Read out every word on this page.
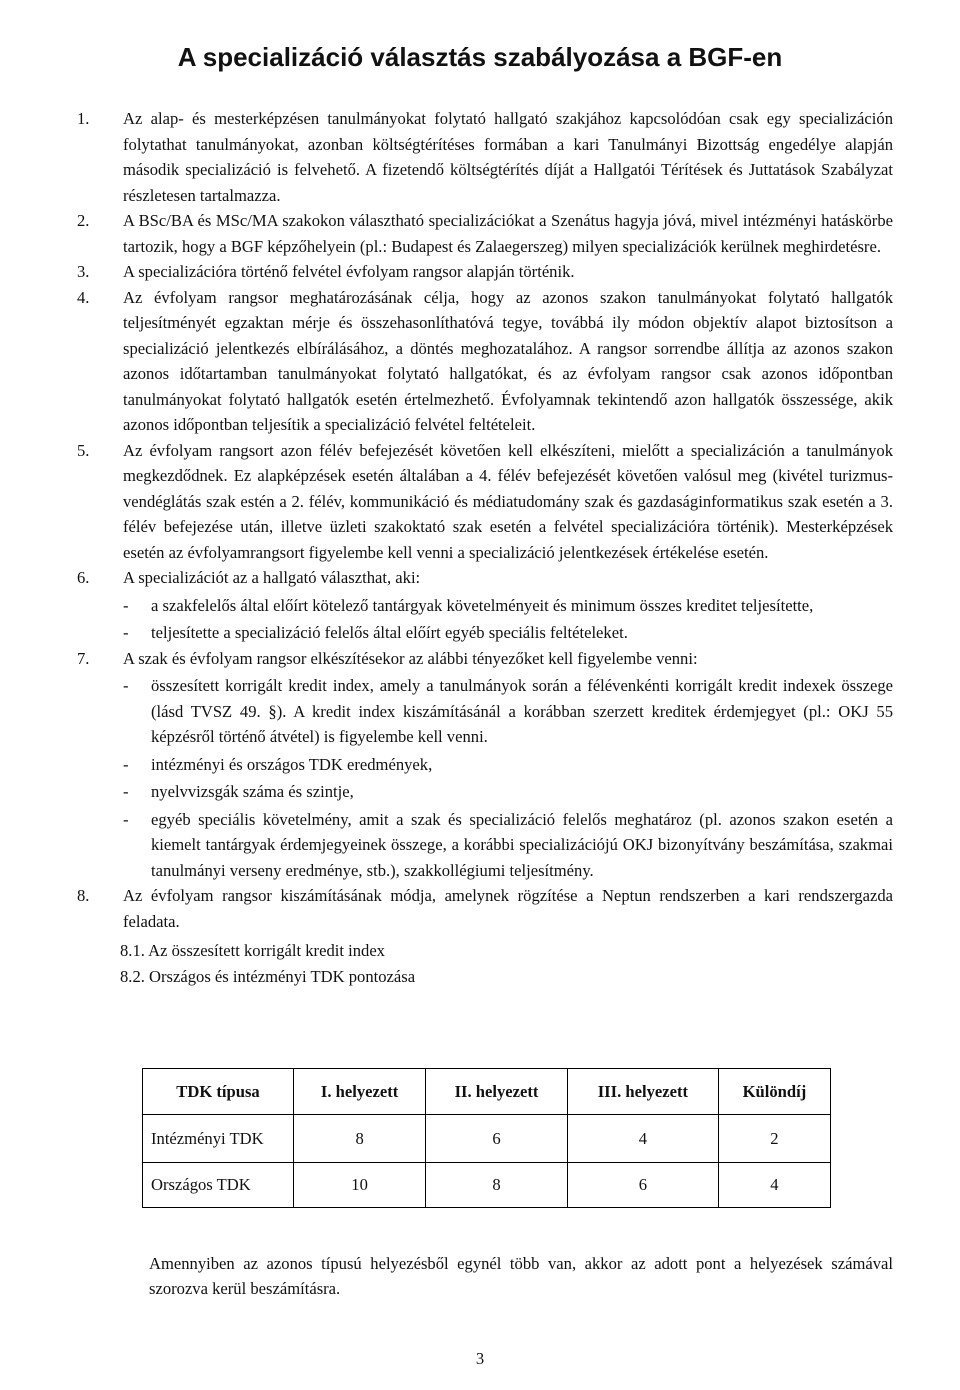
A specializáció választás szabályozása a BGF-en
1. Az alap- és mesterképzésen tanulmányokat folytató hallgató szakjához kapcsolódóan csak egy specializáción folytathat tanulmányokat, azonban költségtérítéses formában a kari Tanulmányi Bizottság engedélye alapján második specializáció is felvehető. A fizetendő költségtérítés díját a Hallgatói Térítések és Juttatások Szabályzat részletesen tartalmazza.

2. A BSc/BA és MSc/MA szakokon választható specializációkat a Szenátus hagyja jóvá, mivel intézményi hatáskörbe tartozik, hogy a BGF képzőhelyein (pl.: Budapest és Zalaegerszeg) milyen specializációk kerülnek meghirdetésre.

3. A specializációra történő felvétel évfolyam rangsor alapján történik.

4. Az évfolyam rangsor meghatározásának célja, hogy az azonos szakon tanulmányokat folytató hallgatók teljesítményét egzaktan mérje és összehasonlíthatóvá tegye, továbbá ily módon objektív alapot biztosítson a specializáció jelentkezés elbírálásához, a döntés meghozatalához. A rangsor sorrendbe állítja az azonos szakon azonos időtartamban tanulmányokat folytató hallgatókat, és az évfolyam rangsor csak azonos időpontban tanulmányokat folytató hallgatók esetén értelmezhető. Évfolyamnak tekintendő azon hallgatók összessége, akik azonos időpontban teljesítik a specializáció felvétel feltételeit.

5. Az évfolyam rangsort azon félév befejezését követően kell elkészíteni, mielőtt a specializáción a tanulmányok megkezdődnek. Ez alapképzések esetén általában a 4. félév befejezését követően valósul meg (kivétel turizmus-vendéglátás szak estén a 2. félév, kommunikáció és médiatudomány szak és gazdaságinformatikus szak esetén a 3. félév befejezése után, illetve üzleti szakoktató szak esetén a felvétel specializációra történik). Mesterképzések esetén az évfolyamrangsort figyelembe kell venni a specializáció jelentkezések értékelése esetén.

6. A specializációt az a hallgató választhat, aki:

- a szakfelelős által előírt kötelező tantárgyak követelményeit és minimum összes kreditet teljesítette,

- teljesítette a specializáció felelős által előírt egyéb speciális feltételeket.

7. A szak és évfolyam rangsor elkészítésekor az alábbi tényezőket kell figyelembe venni:

- összesített korrigált kredit index, amely a tanulmányok során a félévenkénti korrigált kredit indexek összege (lásd TVSZ 49. §). A kredit index kiszámításánál a korábban szerzett kreditek érdemjegyet (pl.: OKJ 55 képzésről történő átvétel) is figyelembe kell venni.

- intézményi és országos TDK eredmények,

- nyelvvizsgák száma és szintje,

- egyéb speciális követelmény, amit a szak és specializáció felelős meghatároz (pl. azonos szakon esetén a kiemelt tantárgyak érdemjegyeinek összege, a korábbi specializációjú OKJ bizonyítvány beszámítása, szakmai tanulmányi verseny eredménye, stb.), szakkollégiumi teljesítmény.

8. Az évfolyam rangsor kiszámításának módja, amelynek rögzítése a Neptun rendszerben a kari rendszergazda feladata.

8.1. Az összesített korrigált kredit index
8.2. Országos és intézményi TDK pontozása
TDK típusa	I. helyezett	II. helyezett	III. helyezett	Különdíj
Intézményi TDK	8	6	4	2
Országos TDK	10	8	6	4

Amennyiben az azonos típusú helyezésből egynél több van, akkor az adott pont a helyezések számával szorozva kerül beszámításra.

3
